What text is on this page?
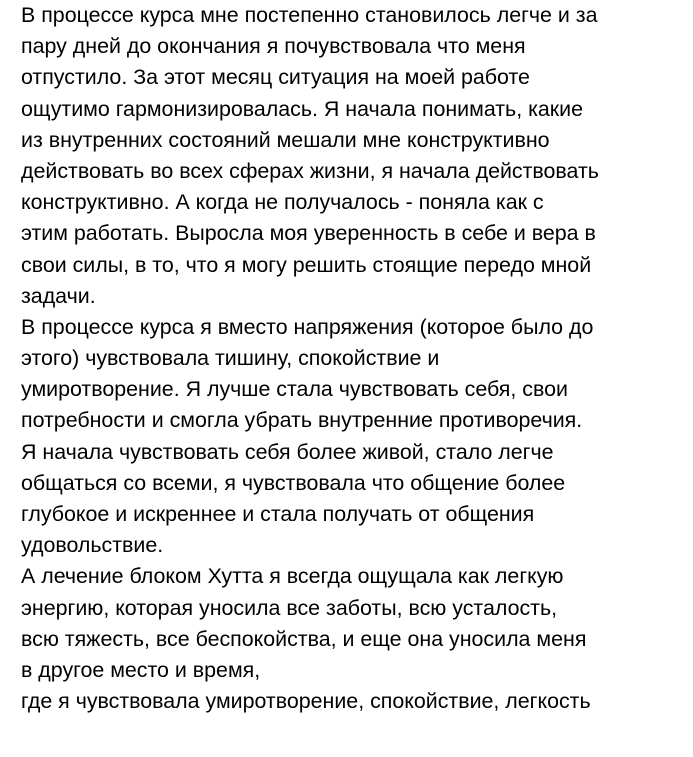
В процессе курса мне постепенно становилось легче и за
пару дней до окончания я почувствовала что меня
отпустило. За этот месяц ситуация на моей работе
ощутимо гармонизировалась. Я начала понимать, какие
из внутренних состояний мешали мне конструктивно
действовать во всех сферах жизни, я начала действовать
конструктивно. А когда не получалось - поняла как с
этим работать. Выросла моя уверенность в себе и вера в
свои силы, в то, что я могу решить стоящие передо мной
задачи.
В процессе курса я вместо напряжения (которое было до
этого) чувствовала тишину, спокойствие и
умиротворение. Я лучше стала чувствовать себя, свои
потребности и смогла убрать внутренние противоречия.
Я начала чувствовать себя более живой, стало легче
общаться со всеми, я чувствовала что общение более
глубокое и искреннее и стала получать от общения
удовольствие.
А лечение блоком Хутта я всегда ощущала как легкую
энергию, которая уносила все заботы, всю усталость,
всю тяжесть, все беспокойства, и еще она уносила меня
в другое место и время,
где я чувствовала умиротворение, спокойствие, легкость
